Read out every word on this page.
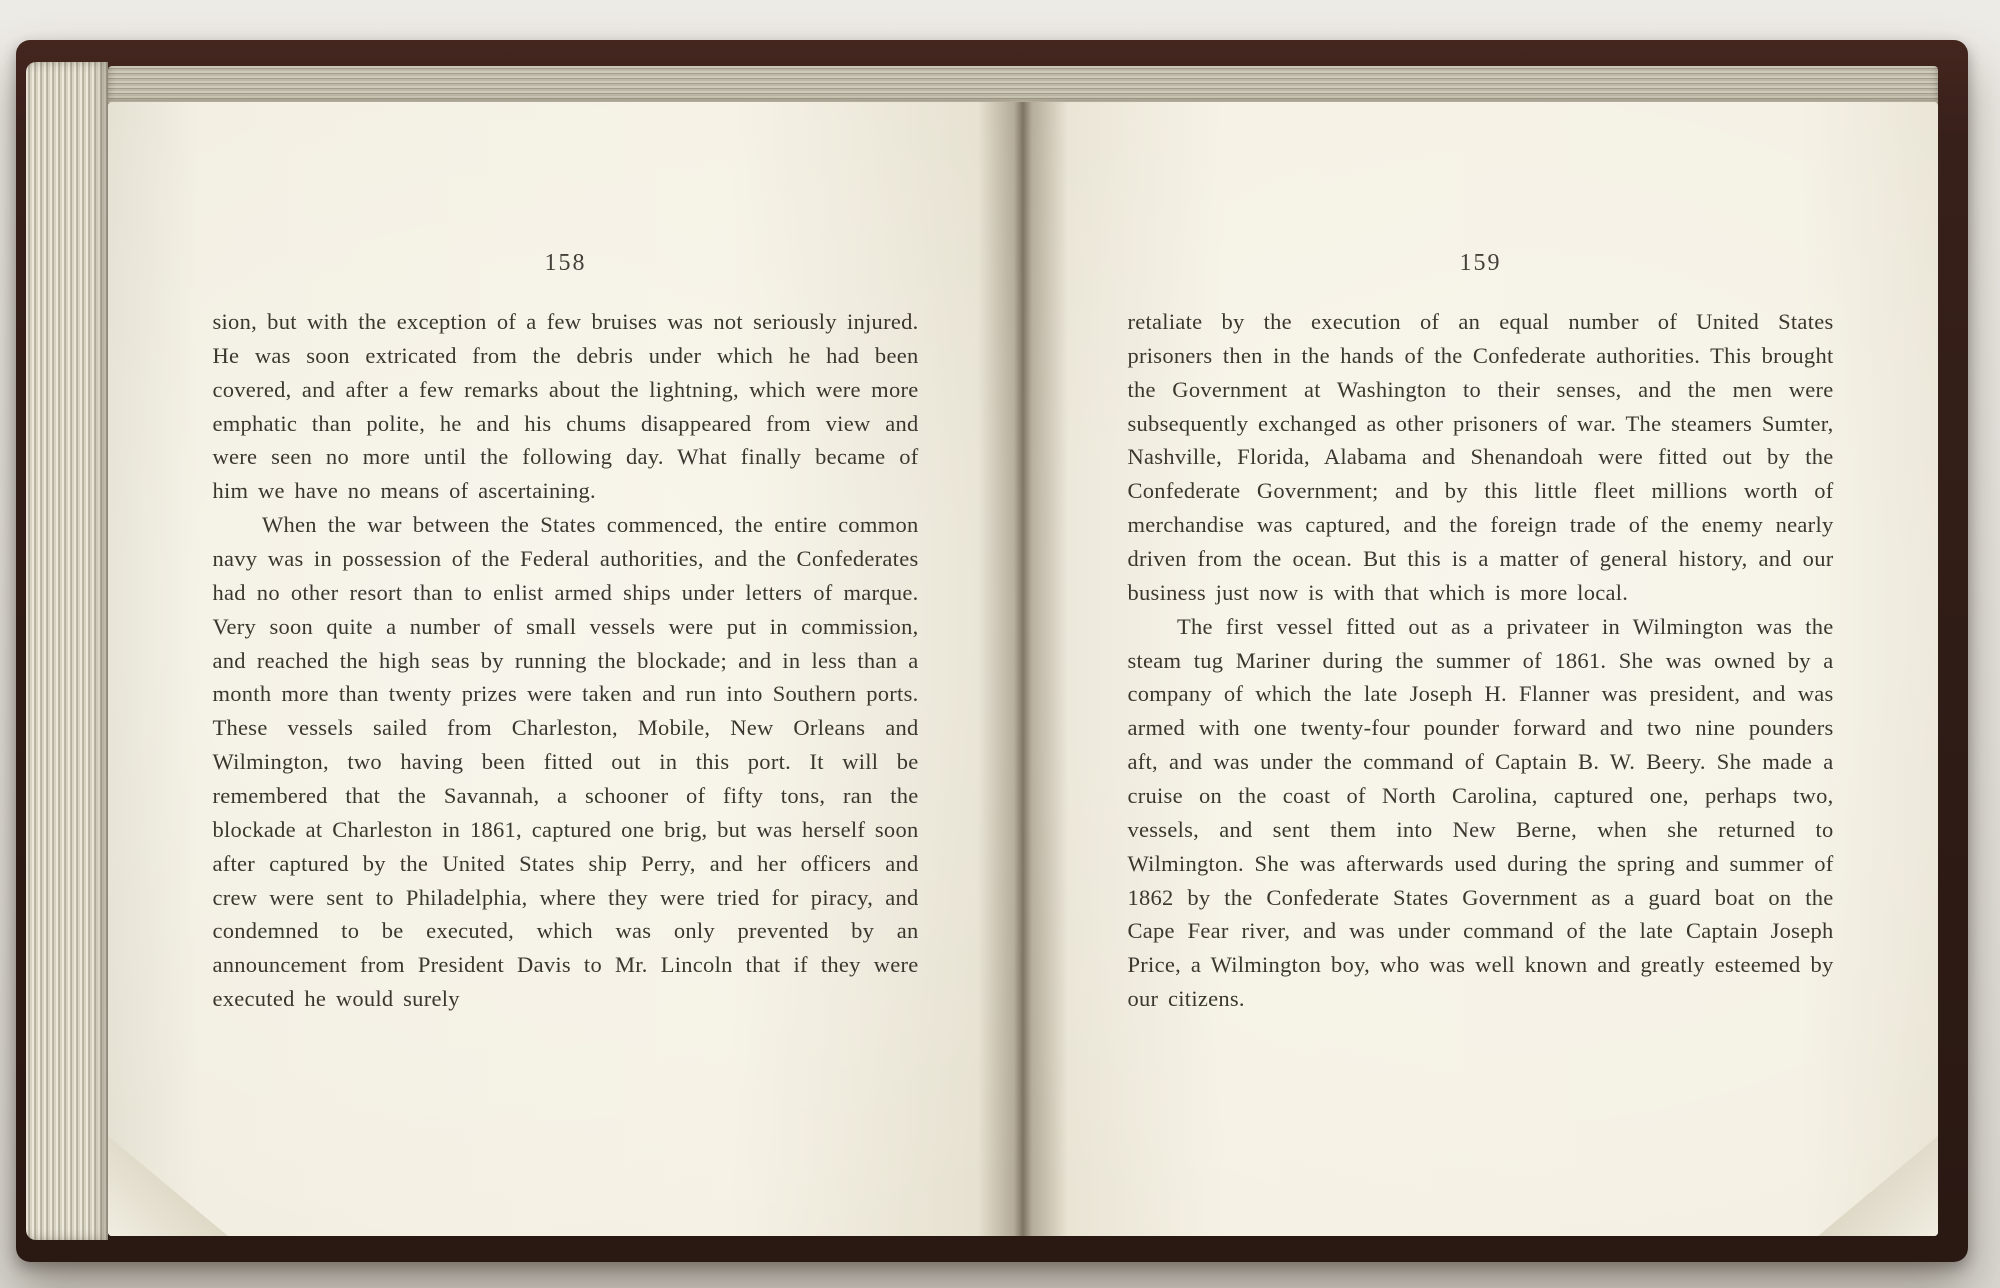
158

sion, but with the exception of a few bruises was not seriously injured. He was soon extricated from the debris under which he had been covered, and after a few remarks about the lightning, which were more emphatic than polite, he and his chums disappeared from view and were seen no more until the following day. What finally became of him we have no means of ascertaining.

When the war between the States commenced, the entire common navy was in possession of the Federal authorities, and the Confederates had no other resort than to enlist armed ships under letters of marque. Very soon quite a number of small vessels were put in commission, and reached the high seas by running the blockade; and in less than a month more than twenty prizes were taken and run into Southern ports. These vessels sailed from Charleston, Mobile, New Orleans and Wilmington, two having been fitted out in this port. It will be remembered that the Savannah, a schooner of fifty tons, ran the blockade at Charleston in 1861, captured one brig, but was herself soon after captured by the United States ship Perry, and her officers and crew were sent to Philadelphia, where they were tried for piracy, and condemned to be executed, which was only prevented by an announcement from President Davis to Mr. Lincoln that if they were executed he would surely

159

retaliate by the execution of an equal number of United States prisoners then in the hands of the Confederate authorities. This brought the Government at Washington to their senses, and the men were subsequently exchanged as other prisoners of war. The steamers Sumter, Nashville, Florida, Alabama and Shenandoah were fitted out by the Confederate Government; and by this little fleet millions worth of merchandise was captured, and the foreign trade of the enemy nearly driven from the ocean. But this is a matter of general history, and our business just now is with that which is more local.

The first vessel fitted out as a privateer in Wilmington was the steam tug Mariner during the summer of 1861. She was owned by a company of which the late Joseph H. Flanner was president, and was armed with one twenty-four pounder forward and two nine pounders aft, and was under the command of Captain B. W. Beery. She made a cruise on the coast of North Carolina, captured one, perhaps two, vessels, and sent them into New Berne, when she returned to Wilmington. She was afterwards used during the spring and summer of 1862 by the Confederate States Government as a guard boat on the Cape Fear river, and was under command of the late Captain Joseph Price, a Wilmington boy, who was well known and greatly esteemed by our citizens.
